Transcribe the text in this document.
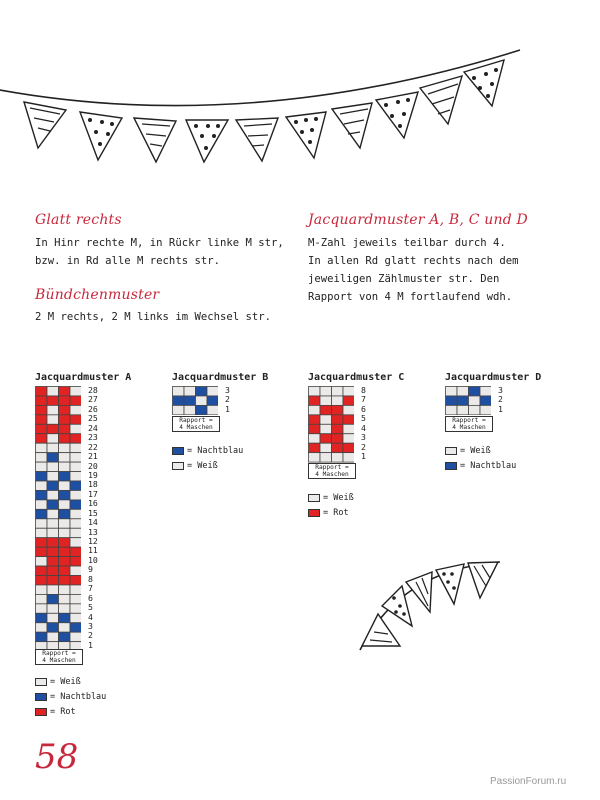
Glatt rechts
In Hinr rechte M, in Rückr linke M str,
bzw. in Rd alle M rechts str.
Bündchenmuster
2 M rechts, 2 M links im Wechsel str.
Jacquardmuster A, B, C und D
M-Zahl jeweils teilbar durch 4.
In allen Rd glatt rechts nach dem
jeweiligen Zählmuster str. Den
Rapport von 4 M fortlaufend wdh.
Jacquardmuster A
28
27
26
25
24
23
22
21
20
19
18
17
16
15
14
13
12
11
10
9
8
7
6
5
4
3
2
1
Rapport =
4 Maschen
= Weiß
= Nachtblau
= Rot
Jacquardmuster B
3
2
1
Rapport =
4 Maschen
= Nachtblau
= Weiß
Jacquardmuster C
8
7
6
5
4
3
2
1
Rapport =
4 Maschen
= Weiß
= Rot
Jacquardmuster D
3
2
1
Rapport =
4 Maschen
= Weiß
= Nachtblau
58
PassionForum.ru
